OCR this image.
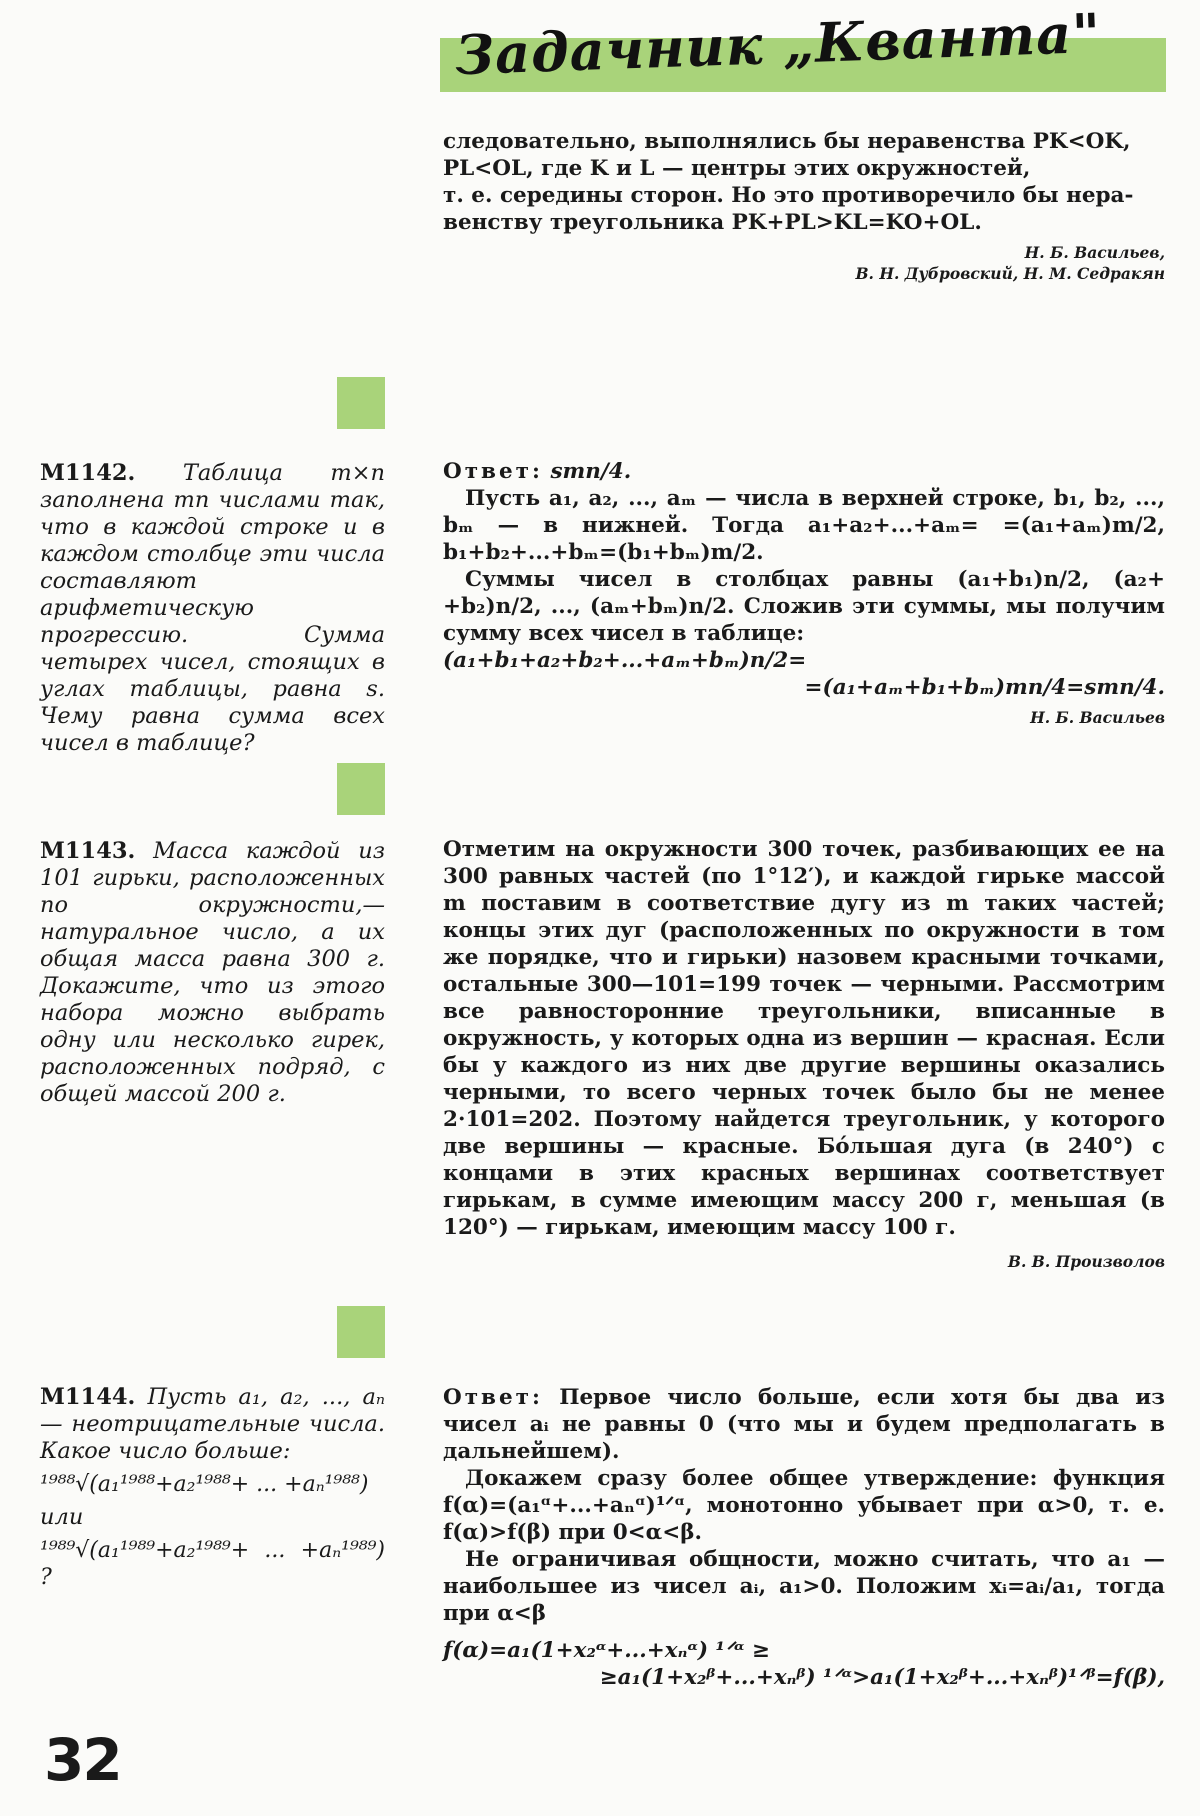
Задачник „Кванта"

следовательно, выполнялись бы неравенства PK<OK,

PL<OL, где K и L — центры этих окружностей,

т. е. середины сторон. Но это противоречило бы нера-

венству треугольника PK+PL>KL=KO+OL.

Н. Б. Васильев,
В. Н. Дубровский, Н. М. Седракян
М1142. Таблица m×n заполнена mn числами так, что в каждой строке и в каждом столбце эти числа составляют арифметическую прогрессию. Сумма четырех чисел, стоящих в углах таблицы, равна s. Чему равна сумма всех чисел в таблице?

Ответ: smn/4.

Пусть a₁, a₂, ..., aₘ — числа в верхней строке, b₁, b₂, ..., bₘ — в нижней. Тогда a₁+a₂+...+aₘ= =(a₁+aₘ)m/2, b₁+b₂+...+bₘ=(b₁+bₘ)m/2.

Суммы чисел в столбцах равны (a₁+b₁)n/2, (a₂+ +b₂)n/2, ..., (aₘ+bₘ)n/2. Сложив эти суммы, мы получим сумму всех чисел в таблице:

(a₁+b₁+a₂+b₂+...+aₘ+bₘ)n/2=

=(a₁+aₘ+b₁+bₘ)mn/4=smn/4.

Н. Б. Васильев
М1143. Масса каждой из 101 гирьки, расположенных по окружности,— натуральное число, а их общая масса равна 300 г. Докажите, что из этого набора можно выбрать одну или несколько гирек, расположенных подряд, с общей массой 200 г.

Отметим на окружности 300 точек, разбивающих ее на 300 равных частей (по 1°12′), и каждой гирьке массой m поставим в соответствие дугу из m таких частей; концы этих дуг (расположенных по окружности в том же порядке, что и гирьки) назовем красными точками, остальные 300—101=199 точек — черными. Рассмотрим все равносторонние треугольники, вписанные в окружность, у которых одна из вершин — красная. Если бы у каждого из них две другие вершины оказались черными, то всего черных точек было бы не менее 2·101=202. Поэтому найдется треугольник, у которого две вершины — красные. Бо́льшая дуга (в 240°) с концами в этих красных вершинах соответствует гирькам, в сумме имеющим массу 200 г, меньшая (в 120°) — гирькам, имеющим массу 100 г.

В. В. Произволов
М1144. Пусть a₁, a₂, ..., aₙ — неотрицательные числа. Какое число больше:
¹⁹⁸⁸√(a₁¹⁹⁸⁸+a₂¹⁹⁸⁸+ ... +aₙ¹⁹⁸⁸)
или
¹⁹⁸⁹√(a₁¹⁹⁸⁹+a₂¹⁹⁸⁹+ ... +aₙ¹⁹⁸⁹) ?

Ответ: Первое число больше, если хотя бы два из чисел aᵢ не равны 0 (что мы и будем предполагать в дальнейшем).

Докажем сразу более общее утверждение: функция f(α)=(a₁ᵅ+...+aₙᵅ)¹ᐟᵅ, монотонно убывает при α>0, т. е. f(α)>f(β) при 0<α<β.

Не ограничивая общности, можно считать, что a₁ — наибольшее из чисел aᵢ, a₁>0. Положим xᵢ=aᵢ/a₁, тогда при α<β

f(α)=a₁(1+x₂ᵅ+...+xₙᵅ) ¹ᐟᵅ ≥

≥a₁(1+x₂ᵝ+...+xₙᵝ) ¹ᐟᵅ>a₁(1+x₂ᵝ+...+xₙᵝ)¹ᐟᵝ=f(β),

32
